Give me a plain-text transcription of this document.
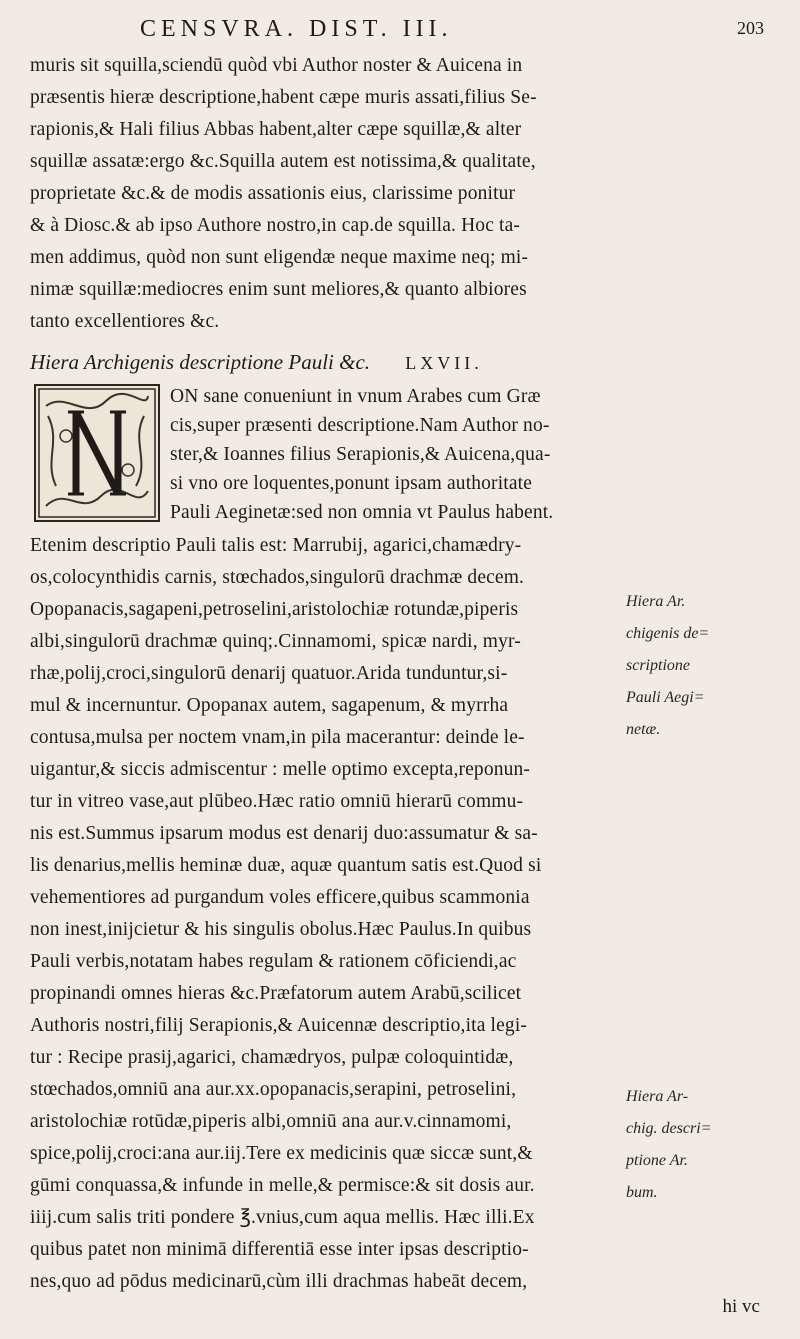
CENSVRA. DIST. III.	203
muris sit squilla,sciendū quòd vbi Author noster & Auicena in
præsentis hieræ descriptione,habent cæpe muris assati,filius Se-
rapionis,& Hali filius Abbas habent,alter cæpe squillæ,& alter
squillæ assatæ:ergo &c.Squilla autem est notissima,& qualitate,
proprietate &c.& de modis assationis eius, clarissime ponitur
& à Diosc.& ab ipso Authore nostro,in cap.de squilla. Hoc ta-
men addimus, quòd non sunt eligendæ neque maxime neq; mi-
nimæ squillæ:mediocres enim sunt meliores,& quanto albiores
tanto excellentiores &c.
Hiera Archigenis descriptione Pauli &c. LXVII.
ON sane conueniunt in vnum Arabes cum Græ
cis,super præsenti descriptione.Nam Author no-
ster,& Ioannes filius Serapionis,& Auicena,qua-
si vno ore loquentes,ponunt ipsam authoritate
Pauli Aeginetæ:sed non omnia vt Paulus habent.
Etenim descriptio Pauli talis est: Marrubij, agarici,chamædry-
os,colocynthidis carnis, stœchados,singulorū drachmæ decem.
Opopanacis,sagapeni,petroselini,aristolochiæ rotundæ,piperis
albi,singulorū drachmæ quinq;.Cinnamomi, spicæ nardi, myr-
rhæ,polij,croci,singulorū denarij quatuor.Arida tunduntur,si-
mul & incernuntur. Opopanax autem, sagapenum, & myrrha
contusa,mulsa per noctem vnam,in pila macerantur: deinde le-
uigantur,& siccis admiscentur : melle optimo excepta,reponun-
tur in vitreo vase,aut plūbeo.Hæc ratio omniū hierarū commu-
nis est.Summus ipsarum modus est denarij duo:assumatur & sa-
lis denarius,mellis heminæ duæ, aquæ quantum satis est.Quod si
vehementiores ad purgandum voles efficere,quibus scammonia
non inest,inijcietur & his singulis obolus.Hæc Paulus.In quibus
Pauli verbis,notatam habes regulam & rationem cōficiendi,ac
propinandi omnes hieras &c.Præfatorum autem Arabū,scilicet
Authoris nostri,filij Serapionis,& Auicennæ descriptio,ita legi-
tur : Recipe prasij,agarici, chamædryos, pulpæ coloquintidæ,
stœchados,omniū ana aur.xx.opopanacis,serapini, petroselini,
aristolochiæ rotūdæ,piperis albi,omniū ana aur.v.cinnamomi,
spice,polij,croci:ana aur.iij.Tere ex medicinis quæ siccæ sunt,&
gūmi conquassa,& infunde in melle,& permisce:& sit dosis aur.
iiij.cum salis triti pondere ℥.vnius,cum aqua mellis. Hæc illi.Ex
quibus patet non minimā differentiā esse inter ipsas descriptio-
nes,quo ad pōdus medicinarū,cùm illi drachmas habeāt decem,
Hiera Ar.
chigenis de=
scriptione
Pauli Aegi=
netæ.
Hiera Ar-
chig. descri=
ptione Ar.
bum.
hi vc
